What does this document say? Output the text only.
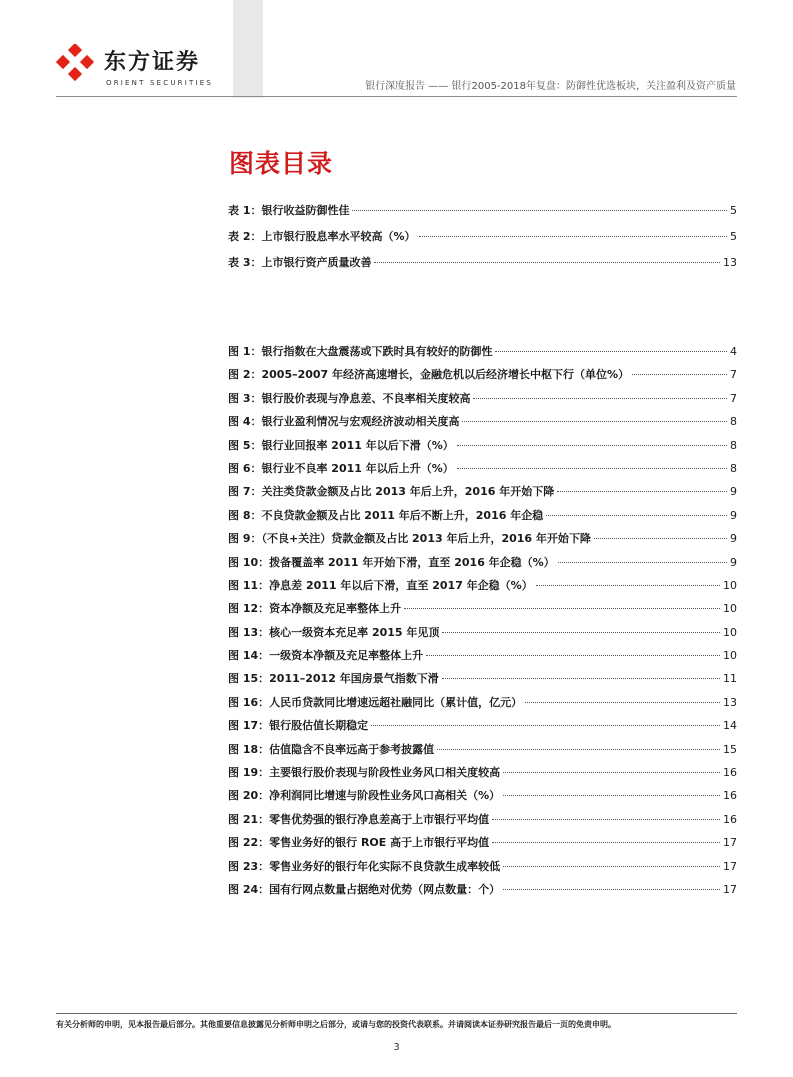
东方证券
ORIENT SECURITIES	银行深度报告 —— 银行2005-2018年复盘：防御性优选板块，关注盈利及资产质量
图表目录
表 1：银行收益防御性佳	5
表 2：上市银行股息率水平较高（%）	5
表 3：上市银行资产质量改善	13
图 1：银行指数在大盘震荡或下跌时具有较好的防御性	4
图 2：2005–2007 年经济高速增长，金融危机以后经济增长中枢下行（单位%）	7
图 3：银行股价表现与净息差、不良率相关度较高	7
图 4：银行业盈利情况与宏观经济波动相关度高	8
图 5：银行业回报率 2011 年以后下滑（%）	8
图 6：银行业不良率 2011 年以后上升（%）	8
图 7：关注类贷款金额及占比 2013 年后上升，2016 年开始下降	9
图 8：不良贷款金额及占比 2011 年后不断上升，2016 年企稳	9
图 9：（不良+关注）贷款金额及占比 2013 年后上升，2016 年开始下降	9
图 10：拨备覆盖率 2011 年开始下滑，直至 2016 年企稳（%）	9
图 11：净息差 2011 年以后下滑，直至 2017 年企稳（%）	10
图 12：资本净额及充足率整体上升	10
图 13：核心一级资本充足率 2015 年见顶	10
图 14：一级资本净额及充足率整体上升	10
图 15：2011–2012 年国房景气指数下滑	11
图 16：人民币贷款同比增速远超社融同比（累计值，亿元）	13
图 17：银行股估值长期稳定	14
图 18：估值隐含不良率远高于参考披露值	15
图 19：主要银行股价表现与阶段性业务风口相关度较高	16
图 20：净利润同比增速与阶段性业务风口高相关（%）	16
图 21：零售优势强的银行净息差高于上市银行平均值	16
图 22：零售业务好的银行 ROE 高于上市银行平均值	17
图 23：零售业务好的银行年化实际不良贷款生成率较低	17
图 24：国有行网点数量占据绝对优势（网点数量：个）	17
有关分析师的申明，见本报告最后部分。其他重要信息披露见分析师申明之后部分，或请与您的投资代表联系。并请阅读本证券研究报告最后一页的免责申明。
3
